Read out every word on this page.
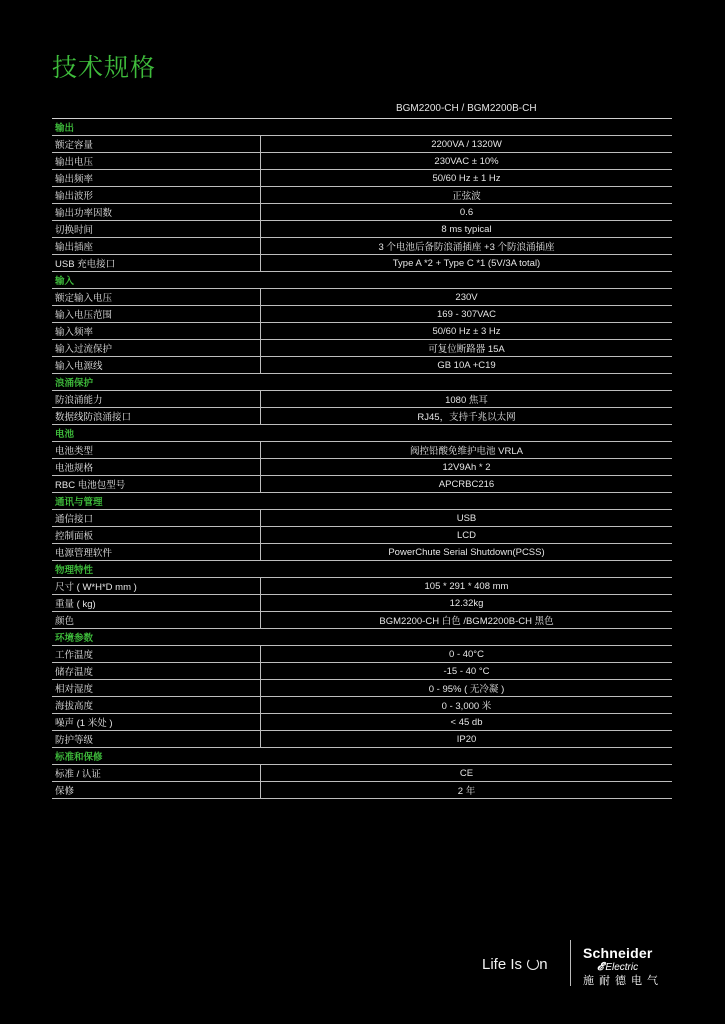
技术规格
	BGM2200-CH / BGM2200B-CH
输出	
额定容量	2200VA / 1320W
输出电压	230VAC ± 10%
输出频率	50/60 Hz ± 1 Hz
输出波形	正弦波
输出功率因数	0.6
切换时间	8 ms typical
输出插座	3 个电池后备防浪涌插座 +3 个防浪涌插座
USB 充电接口	Type A *2 + Type C *1 (5V/3A total)
输入	
额定输入电压	230V
输入电压范围	169 - 307VAC
输入频率	50/60 Hz ± 3 Hz
输入过流保护	可复位断路器 15A
输入电源线	GB 10A +C19
浪涌保护	
防浪涌能力	1080 焦耳
数据线防浪涌接口	RJ45，支持千兆以太网
电池	
电池类型	阀控铅酸免维护电池 VRLA
电池规格	12V9Ah * 2
RBC 电池包型号	APCRBC216
通讯与管理	
通信接口	USB
控制面板	LCD
电源管理软件	PowerChute Serial Shutdown(PCSS)
物理特性	
尺寸 ( W*H*D mm )	105 * 291 * 408 mm
重量 ( kg)	12.32kg
颜色	BGM2200-CH 白色 /BGM2200B-CH 黑色
环境参数	
工作温度	0 - 40°C
储存温度	-15 - 40 °C
相对湿度	0 - 95% ( 无冷凝 )
海拔高度	0 - 3,000 米
噪声 (1 米处 )	< 45 db
防护等级	IP20
标准和保修	
标准 / 认证	CE
保修	2 年
Life Is n
Schneider
𝓔 Electric
施耐德电气
